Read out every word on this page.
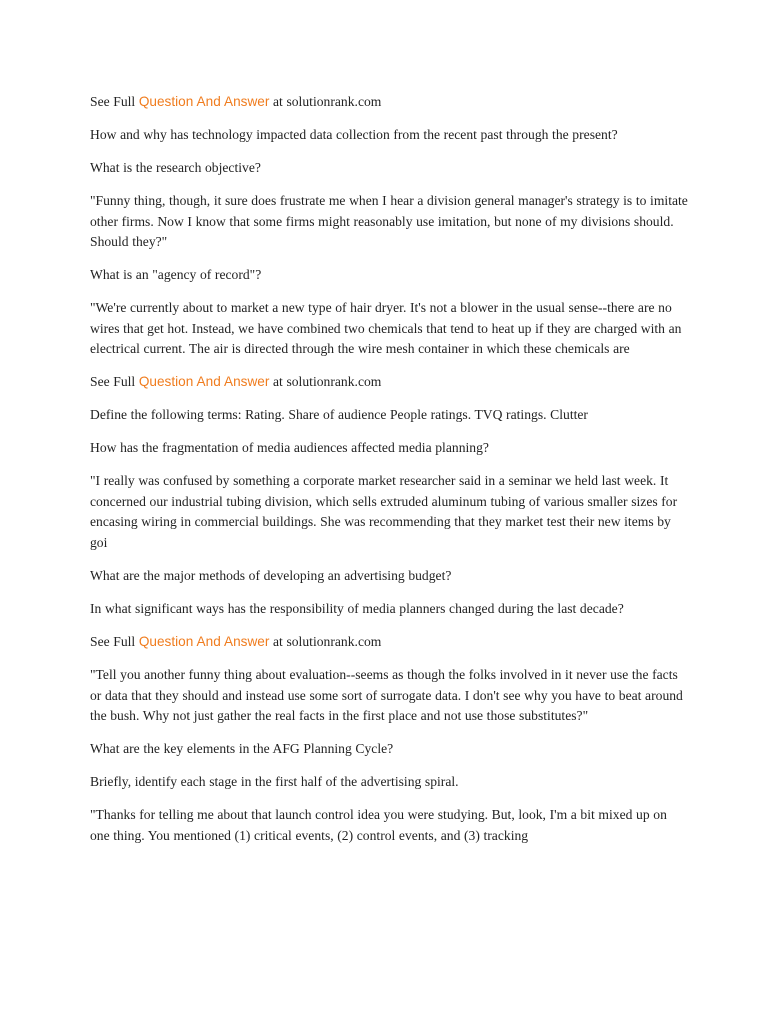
See Full Question And Answer at solutionrank.com

How and why has technology impacted data collection from the recent past through the present?

What is the research objective?

"Funny thing, though, it sure does frustrate me when I hear a division general manager's strategy is to imitate other firms. Now I know that some firms might reasonably use imitation, but none of my divisions should. Should they?"

What is an "agency of record"?

"We're currently about to market a new type of hair dryer. It's not a blower in the usual sense--there are no wires that get hot. Instead, we have combined two chemicals that tend to heat up if they are charged with an electrical current. The air is directed through the wire mesh container in which these chemicals are

See Full Question And Answer at solutionrank.com

Define the following terms: Rating. Share of audience People ratings. TVQ ratings. Clutter

How has the fragmentation of media audiences affected media planning?

"I really was confused by something a corporate market researcher said in a seminar we held last week. It concerned our industrial tubing division, which sells extruded aluminum tubing of various smaller sizes for encasing wiring in commercial buildings. She was recommending that they market test their new items by goi

What are the major methods of developing an advertising budget?

In what significant ways has the responsibility of media planners changed during the last decade?

See Full Question And Answer at solutionrank.com

"Tell you another funny thing about evaluation--seems as though the folks involved in it never use the facts or data that they should and instead use some sort of surrogate data. I don't see why you have to beat around the bush. Why not just gather the real facts in the first place and not use those substitutes?"

What are the key elements in the AFG Planning Cycle?

Briefly, identify each stage in the first half of the advertising spiral.

"Thanks for telling me about that launch control idea you were studying. But, look, I'm a bit mixed up on one thing. You mentioned (1) critical events, (2) control events, and (3) tracking
